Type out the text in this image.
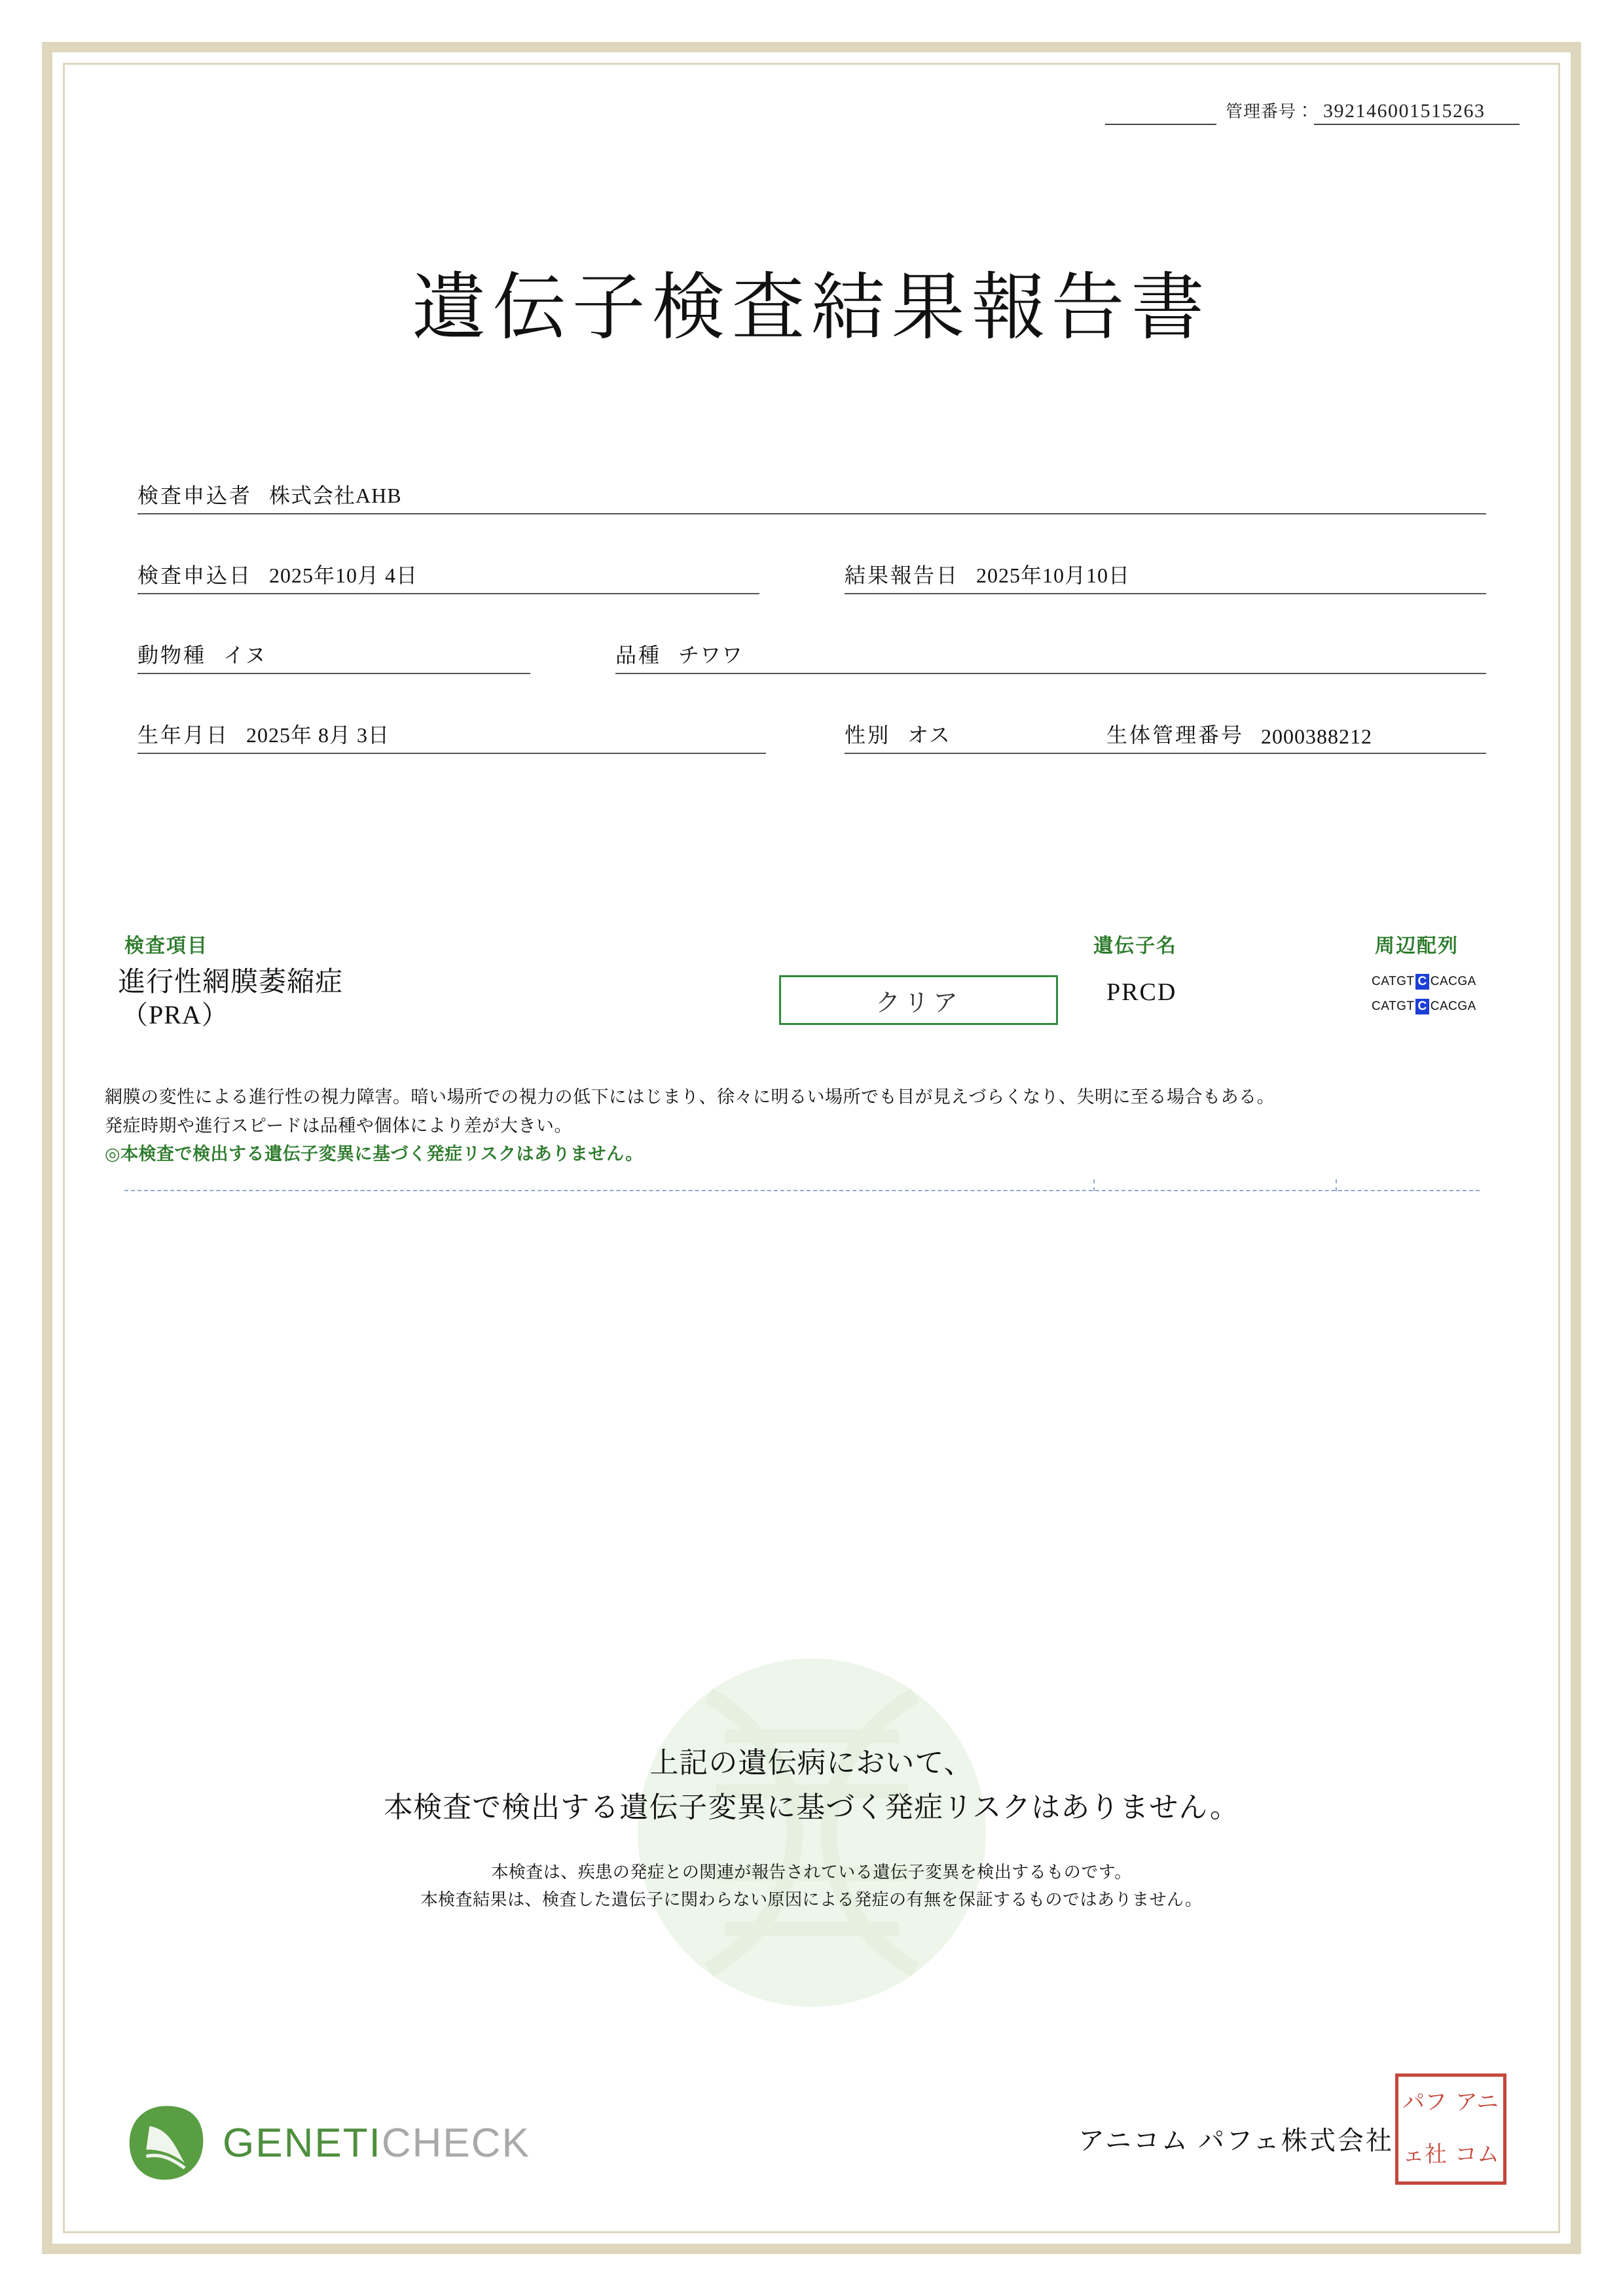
管理番号： 392146001515263
遺伝子検査結果報告書
検査申込者 株式会社AHB
検査申込日 2025年10月 4日	結果報告日 2025年10月10日
動物種 イヌ	品種 チワワ
生年月日 2025年 8月 3日	性別 オス	生体管理番号 2000388212
検査項目	遺伝子名	周辺配列
進行性網膜萎縮症
（PRA）	クリア	PRCD	CATGT C CACGA
CATGT C CACGA
網膜の変性による進行性の視力障害。暗い場所での視力の低下にはじまり、徐々に明るい場所でも目が見えづらくなり、失明に至る場合もある。
発症時期や進行スピードは品種や個体により差が大きい。
◎本検査で検出する遺伝子変異に基づく発症リスクはありません。
上記の遺伝病において、
本検査で検出する遺伝子変異に基づく発症リスクはありません。
本検査は、疾患の発症との関連が報告されている遺伝子変異を検出するものです。
本検査結果は、検査した遺伝子に関わらない原因による発症の有無を保証するものではありません。
GENETI CHECK	アニコム パフェ株式会社
パフ アニ
ェ社 コム
